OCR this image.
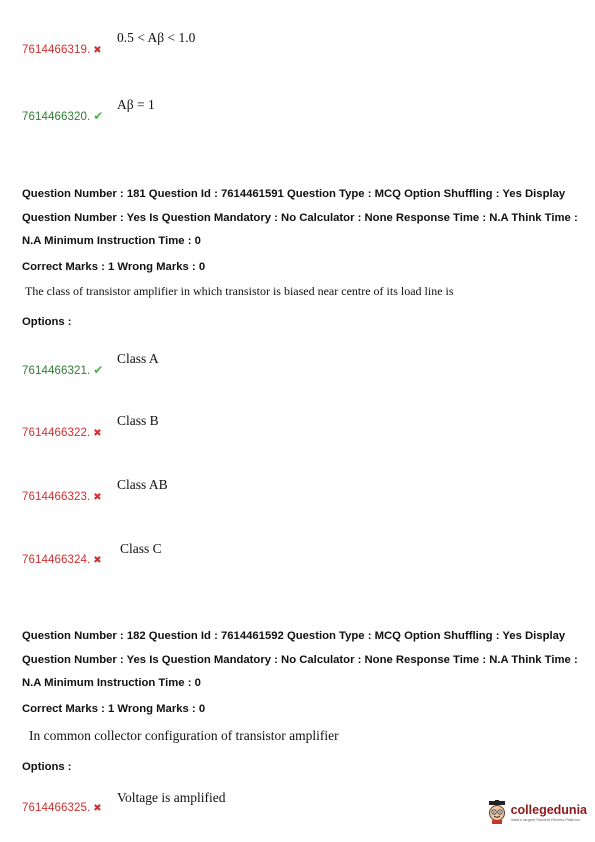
7614466319. ✖
0.5 < Aβ < 1.0
7614466320. ✔
Aβ = 1
Question Number : 181 Question Id : 7614461591 Question Type : MCQ Option Shuffling : Yes Display Question Number : Yes Is Question Mandatory : No Calculator : None Response Time : N.A Think Time : N.A Minimum Instruction Time : 0
Correct Marks : 1 Wrong Marks : 0
The class of transistor amplifier in which transistor is biased near centre of its load line is
Options :
7614466321. ✔
Class A
7614466322. ✖
Class B
7614466323. ✖
Class AB
7614466324. ✖
Class C
Question Number : 182 Question Id : 7614461592 Question Type : MCQ Option Shuffling : Yes Display Question Number : Yes Is Question Mandatory : No Calculator : None Response Time : N.A Think Time : N.A Minimum Instruction Time : 0
Correct Marks : 1 Wrong Marks : 0
In common collector configuration of transistor amplifier
Options :
7614466325. ✖
Voltage is amplified
collegedunia
India's largest Student Review Platform
